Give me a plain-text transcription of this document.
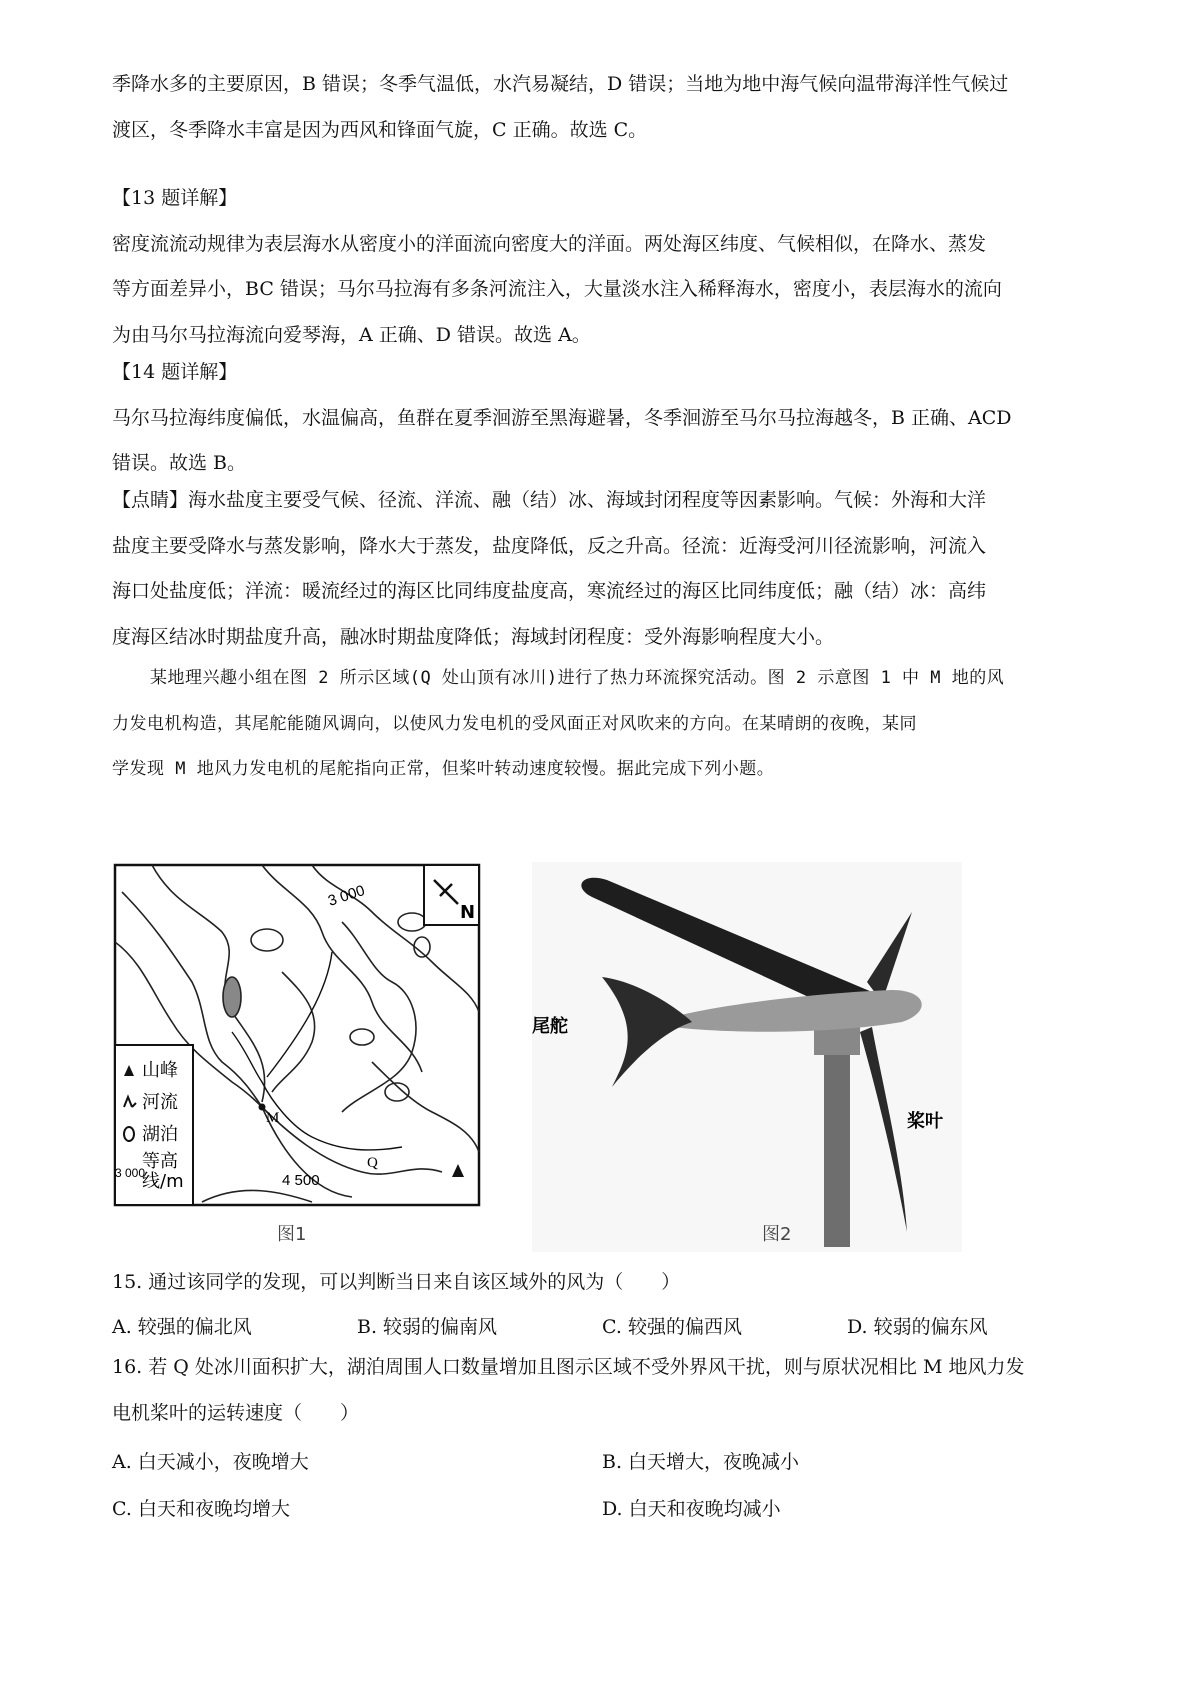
季降水多的主要原因，B 错误；冬季气温低，水汽易凝结，D 错误；当地为地中海气候向温带海洋性气候过

渡区，冬季降水丰富是因为西风和锋面气旋，C 正确。故选 C。

【13 题详解】

密度流流动规律为表层海水从密度小的洋面流向密度大的洋面。两处海区纬度、气候相似，在降水、蒸发

等方面差异小，BC 错误；马尔马拉海有多条河流注入，大量淡水注入稀释海水，密度小，表层海水的流向

为由马尔马拉海流向爱琴海，A 正确、D 错误。故选 A。

【14 题详解】

马尔马拉海纬度偏低，水温偏高，鱼群在夏季洄游至黑海避暑，冬季洄游至马尔马拉海越冬，B 正确、ACD

错误。故选 B。

【点睛】海水盐度主要受气候、径流、洋流、融（结）冰、海域封闭程度等因素影响。气候：外海和大洋

盐度主要受降水与蒸发影响，降水大于蒸发，盐度降低，反之升高。径流：近海受河川径流影响，河流入

海口处盐度低；洋流：暖流经过的海区比同纬度盐度高，寒流经过的海区比同纬度低；融（结）冰：高纬

度海区结冰时期盐度升高，融冰时期盐度降低；海域封闭程度：受外海影响程度大小。

某地理兴趣小组在图 2 所示区域(Q 处山顶有冰川)进行了热力环流探究活动。图 2 示意图 1 中 M 地的风

力发电机构造，其尾舵能随风调向，以使风力发电机的受风面正对风吹来的方向。在某晴朗的夜晚，某同

学发现 M 地风力发电机的尾舵指向正常，但桨叶转动速度较慢。据此完成下列小题。

N
3 000
4 500
M
Q
山峰
河流
湖泊
等高
线/m
3 000
图1
尾舵
桨叶
图2

15. 通过该同学的发现，可以判断当日来自该区域外的风为（　　）

A. 较强的偏北风	B. 较弱的偏南风	C. 较强的偏西风	D. 较弱的偏东风

16. 若 Q 处冰川面积扩大，湖泊周围人口数量增加且图示区域不受外界风干扰，则与原状况相比 M 地风力发

电机桨叶的运转速度（　　）

A. 白天减小，夜晚增大	B. 白天增大，夜晚减小
C. 白天和夜晚均增大	D. 白天和夜晚均减小
